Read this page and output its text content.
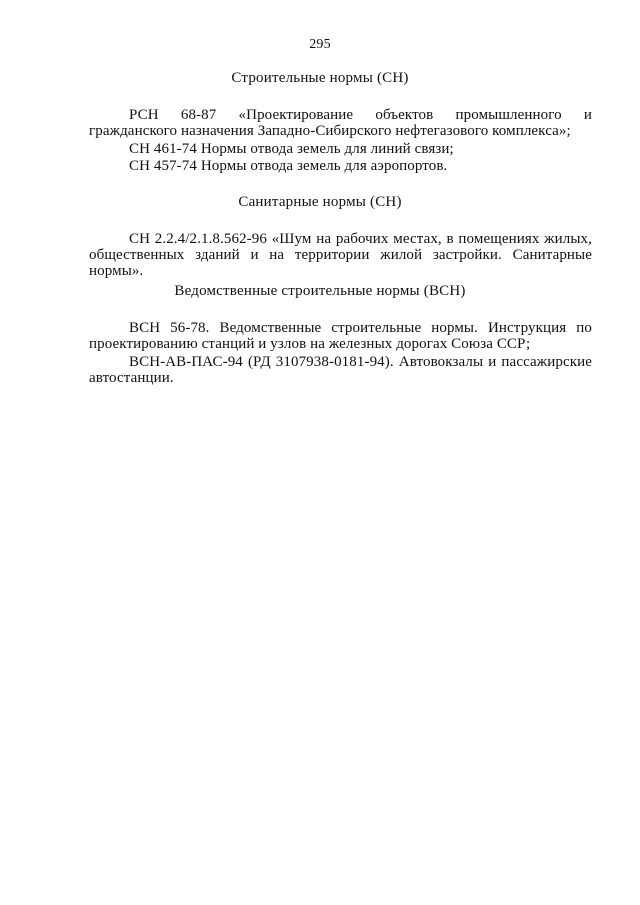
295
Строительные нормы (СН)
РСН 68-87 «Проектирование объектов промышленного и гражданского назначения Западно-Сибирского нефтегазового комплекса»;
СН 461-74 Нормы отвода земель для линий связи;
СН 457-74 Нормы отвода земель для аэропортов.
Санитарные нормы (СН)
СН 2.2.4/2.1.8.562-96 «Шум на рабочих местах, в помещениях жилых, общественных зданий и на территории жилой застройки. Санитарные нормы».
Ведомственные строительные нормы (ВСН)
ВСН 56-78. Ведомственные строительные нормы. Инструкция по проектированию станций и узлов на железных дорогах Союза ССР;
ВСН-АВ-ПАС-94 (РД 3107938-0181-94). Автовокзалы и пассажирские автостанции.
